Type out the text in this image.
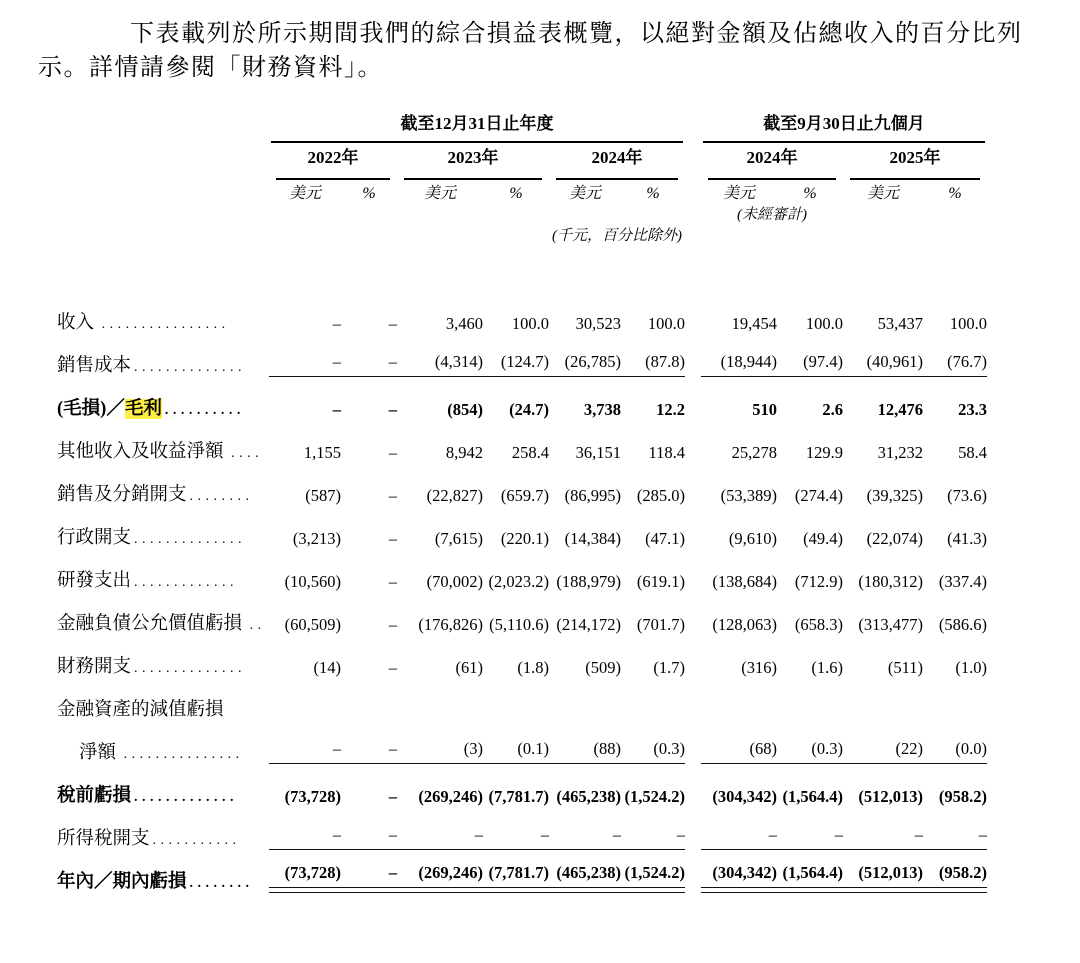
下表載列於所示期間我們的綜合損益表概覽，以絕對金額及佔總收入的百分比列示。詳情請參閱「財務資料」。

	截至12月31日止年度							截至9月30日止九個月			

	2022年		2023年		2024年			2024年		2025年	

	美元	%	美元	%	美元	%		美元	%	美元	%
								(未經審計)			
					(千元，百分比除外)						

收入 ................	–	–	3,460	100.0	30,523	100.0		19,454	100.0	53,437	100.0

銷售成本 ..............	–	–	(4,314)	(124.7)	(26,785)	(87.8)		(18,944)	(97.4)	(40,961)	(76.7)

(毛損)／毛利 ..........	–	–	(854)	(24.7)	3,738	12.2		510	2.6	12,476	23.3

其他收入及收益淨額 ....	1,155	–	8,942	258.4	36,151	118.4		25,278	129.9	31,232	58.4

銷售及分銷開支 ........	(587)	–	(22,827)	(659.7)	(86,995)	(285.0)		(53,389)	(274.4)	(39,325)	(73.6)

行政開支 ..............	(3,213)	–	(7,615)	(220.1)	(14,384)	(47.1)		(9,610)	(49.4)	(22,074)	(41.3)

研發支出 .............	(10,560)	–	(70,002)	(2,023.2)	(188,979)	(619.1)		(138,684)	(712.9)	(180,312)	(337.4)

金融負債公允價值虧損 ..	(60,509)	–	(176,826)	(5,110.6)	(214,172)	(701.7)		(128,063)	(658.3)	(313,477)	(586.6)

財務開支 ..............	(14)	–	(61)	(1.8)	(509)	(1.7)		(316)	(1.6)	(511)	(1.0)

金融資產的減值虧損											
淨額 ...............	–	–	(3)	(0.1)	(88)	(0.3)		(68)	(0.3)	(22)	(0.0)

稅前虧損 .............	(73,728)	–	(269,246)	(7,781.7)	(465,238)	(1,524.2)		(304,342)	(1,564.4)	(512,013)	(958.2)

所得稅開支 ...........	–	–	–	–	–	–		–	–	–	–

年內／期內虧損 ........	(73,728)	–	(269,246)	(7,781.7)	(465,238)	(1,524.2)		(304,342)	(1,564.4)	(512,013)	(958.2)
